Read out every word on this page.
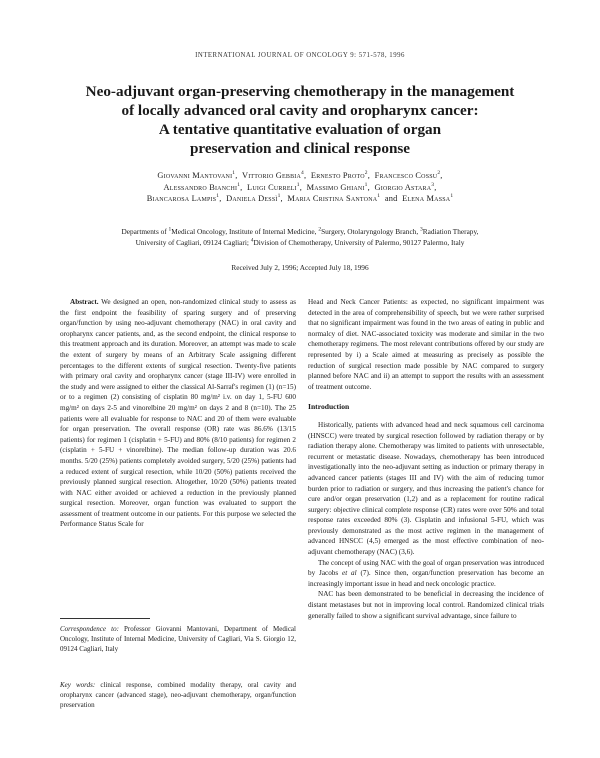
INTERNATIONAL JOURNAL OF ONCOLOGY 9: 571-578, 1996
Neo-adjuvant organ-preserving chemotherapy in the management
of locally advanced oral cavity and oropharynx cancer:
A tentative quantitative evaluation of organ
preservation and clinical response
Giovanni Mantovani$^1$,  Vittorio Gebbia$^4$,  Ernesto Proto$^2$,  Francesco Cossu$^2$,
Alessandro Bianchi$^1$,  Luigi Curreli$^1$,  Massimo Ghiani$^1$,  Giorgio Astara$^3$,
Biancarosa Lampis$^1$,  Daniela Dessì$^1$,  Maria Cristina Santona$^1$ and Elena Massa$^1$
Departments of $^1$Medical Oncology, Institute of Internal Medicine, $^2$Surgery, Otolaryngology Branch, $^3$Radiation Therapy,
University of Cagliari, 09124 Cagliari; $^4$Division of Chemotherapy, University of Palermo, 90127 Palermo, Italy
Received July 2, 1996; Accepted July 18, 1996

Abstract. We designed an open, non-randomized clinical study to assess as the first endpoint the feasibility of sparing surgery and of preserving organ/function by using neo-adjuvant chemotherapy (NAC) in oral cavity and oropharynx cancer patients, and, as the second endpoint, the clinical response to this treatment approach and its duration. Moreover, an attempt was made to scale the extent of surgery by means of an Arbitrary Scale assigning different percentages to the different extents of surgical resection. Twenty-five patients with primary oral cavity and oropharynx cancer (stage III-IV) were enrolled in the study and were assigned to either the classical Al-Sarraf's regimen (1) (n=15) or to a regimen (2) consisting of cisplatin 80 mg/m² i.v. on day 1, 5-FU 600 mg/m² on days 2-5 and vinorelbine 20 mg/m² on days 2 and 8 (n=10). The 25 patients were all evaluable for response to NAC and 20 of them were evaluable for organ preservation. The overall response (OR) rate was 86.6% (13/15 patients) for regimen 1 (cisplatin + 5-FU) and 80% (8/10 patients) for regimen 2 (cisplatin + 5-FU + vinorelbine). The median follow-up duration was 20.6 months. 5/20 (25%) patients completely avoided surgery, 5/20 (25%) patients had a reduced extent of surgical resection, while 10/20 (50%) patients received the previously planned surgical resection. Altogether, 10/20 (50%) patients treated with NAC either avoided or achieved a reduction in the previously planned surgical resection. Moreover, organ function was evaluated to support the assessment of treatment outcome in our patients. For this purpose we selected the Performance Status Scale for

Correspondence to: Professor Giovanni Mantovani, Department of Medical Oncology, Institute of Internal Medicine, University of Cagliari, Via S. Giorgio 12, 09124 Cagliari, Italy
Key words: clinical response, combined modality therapy, oral cavity and oropharynx cancer (advanced stage), neo-adjuvant chemotherapy, organ/function preservation

Head and Neck Cancer Patients: as expected, no significant impairment was detected in the area of comprehensibility of speech, but we were rather surprised that no significant impairment was found in the two areas of eating in public and normalcy of diet. NAC-associated toxicity was moderate and similar in the two chemotherapy regimens. The most relevant contributions offered by our study are represented by i) a Scale aimed at measuring as precisely as possible the reduction of surgical resection made possible by NAC compared to surgery planned before NAC and ii) an attempt to support the results with an assessment of treatment outcome.

Introduction

Historically, patients with advanced head and neck squamous cell carcinoma (HNSCC) were treated by surgical resection followed by radiation therapy or by radiation therapy alone. Chemotherapy was limited to patients with unresectable, recurrent or metastatic disease. Nowadays, chemotherapy has been introduced investigationally into the neo-adjuvant setting as induction or primary therapy in advanced cancer patients (stages III and IV) with the aim of reducing tumor burden prior to radiation or surgery, and thus increasing the patient's chance for cure and/or organ preservation (1,2) and as a replacement for routine radical surgery: objective clinical complete response (CR) rates were over 50% and total response rates exceeded 80% (3). Cisplatin and infusional 5-FU, which was previously demonstrated as the most active regimen in the management of advanced HNSCC (4,5) emerged as the most effective combination of neo-adjuvant chemotherapy (NAC) (3,6).

The concept of using NAC with the goal of organ preservation was introduced by Jacobs et al (7). Since then, organ/function preservation has become an increasingly important issue in head and neck oncologic practice.

NAC has been demonstrated to be beneficial in decreasing the incidence of distant metastases but not in improving local control. Randomized clinical trials generally failed to show a significant survival advantage, since failure to
